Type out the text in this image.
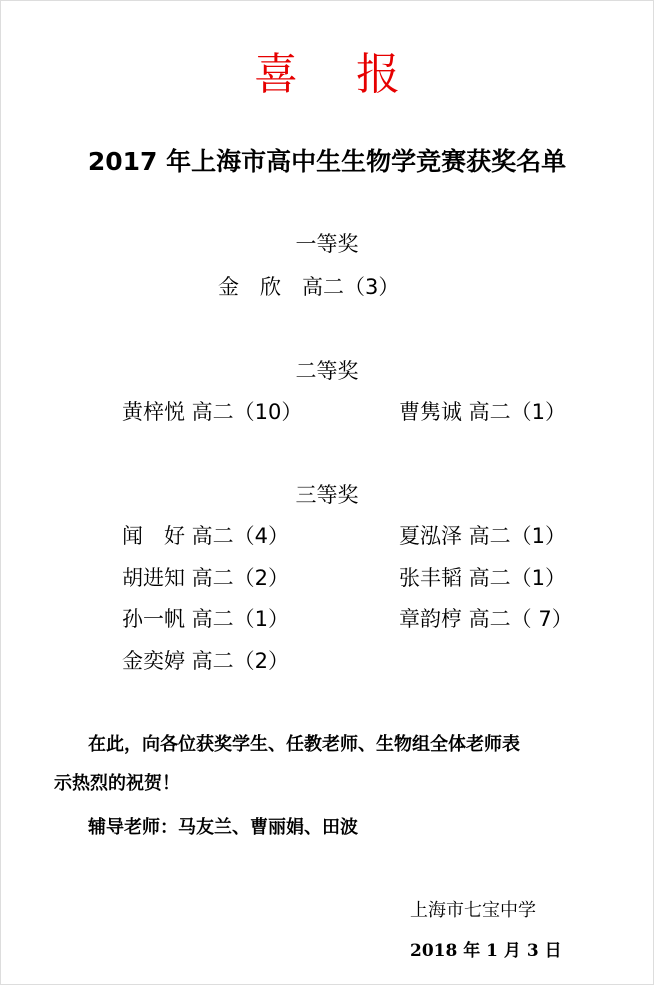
喜 报
2017 年上海市高中生生物学竞赛获奖名单
一等奖
金　欣　高二（3）
二等奖
黄梓悦 高二（10）	曹隽诚 高二（1）
三等奖
闻　好 高二（4）	夏泓泽 高二（1）
胡进知 高二（2）	张丰韬 高二（1）
孙一帆 高二（1）	章韵梈 高二（ 7）
金奕婷 高二（2）
在此，向各位获奖学生、任教老师、生物组全体老师表
示热烈的祝贺！
辅导老师：马友兰、曹丽娟、田波
上海市七宝中学
2018 年 1 月 3 日
